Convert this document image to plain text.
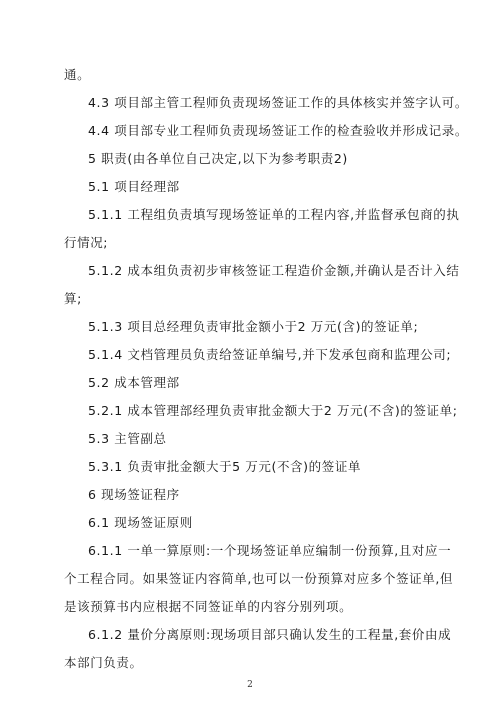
通。
4.3 项目部主管工程师负责现场签证工作的具体核实并签字认可。
4.4 项目部专业工程师负责现场签证工作的检查验收并形成记录。
5 职责(由各单位自己决定,以下为参考职责2)
5.1 项目经理部
5.1.1 工程组负责填写现场签证单的工程内容,并监督承包商的执
行情况;
5.1.2 成本组负责初步审核签证工程造价金额,并确认是否计入结
算;
5.1.3 项目总经理负责审批金额小于2 万元(含)的签证单;
5.1.4 文档管理员负责给签证单编号,并下发承包商和监理公司;
5.2 成本管理部
5.2.1 成本管理部经理负责审批金额大于2 万元(不含)的签证单;
5.3 主管副总
5.3.1 负责审批金额大于5 万元(不含)的签证单
6 现场签证程序
6.1 现场签证原则
6.1.1 一单一算原则:一个现场签证单应编制一份预算,且对应一
个工程合同。如果签证内容简单,也可以一份预算对应多个签证单,但
是该预算书内应根据不同签证单的内容分别列项。
6.1.2 量价分离原则:现场项目部只确认发生的工程量,套价由成
本部门负责。
2
